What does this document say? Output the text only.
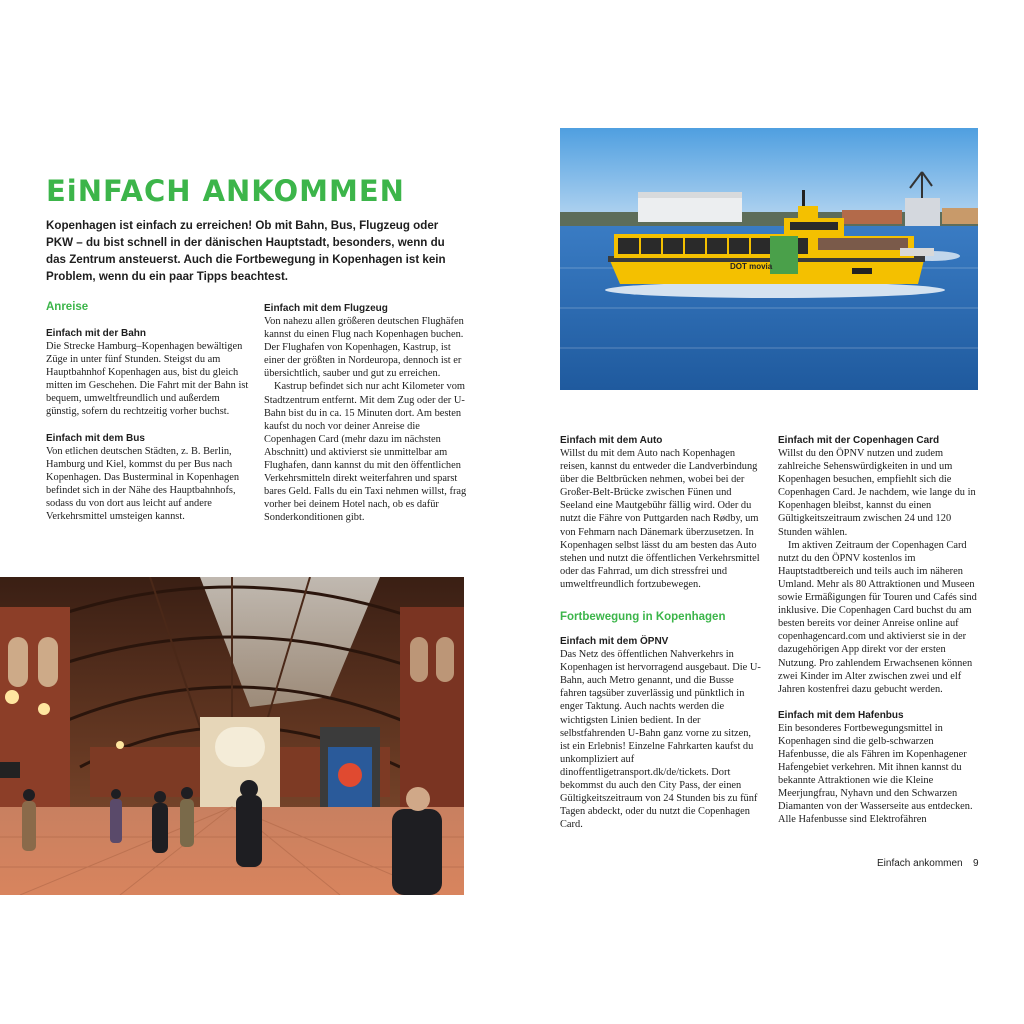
EiNFACH ANKOMMEN

Kopenhagen ist einfach zu erreichen! Ob mit Bahn, Bus, Flugzeug oder PKW – du bist schnell in der dänischen Hauptstadt, besonders, wenn du das Zentrum ansteuerst. Auch die Fortbewegung in Kopenhagen ist kein Problem, wenn du ein paar Tipps beachtest.

Anreise

Einfach mit der Bahn

Die Strecke Hamburg–Kopenhagen bewältigen Züge in unter fünf Stunden. Steigst du am Hauptbahnhof Kopenhagen aus, bist du gleich mitten im Geschehen. Die Fahrt mit der Bahn ist bequem, umweltfreundlich und außerdem günstig, sofern du rechtzeitig vorher buchst.

Einfach mit dem Bus

Von etlichen deutschen Städten, z. B. Berlin, Hamburg und Kiel, kommst du per Bus nach Kopenhagen. Das Busterminal in Kopenhagen befindet sich in der Nähe des Hauptbahnhofs, sodass du von dort aus leicht auf andere Verkehrsmittel umsteigen kannst.

Einfach mit dem Flugzeug

Von nahezu allen größeren deutschen Flughäfen kannst du einen Flug nach Kopenhagen buchen. Der Flughafen von Kopenhagen, Kastrup, ist einer der größten in Nordeuropa, dennoch ist er übersichtlich, sauber und gut zu erreichen.

Kastrup befindet sich nur acht Kilometer vom Stadtzentrum entfernt. Mit dem Zug oder der U-Bahn bist du in ca. 15 Minuten dort. Am besten kaufst du noch vor deiner Anreise die Copenhagen Card (mehr dazu im nächsten Abschnitt) und aktivierst sie unmittelbar am Flughafen, dann kannst du mit den öffentlichen Verkehrsmitteln direkt weiterfahren und sparst bares Geld. Falls du ein Taxi nehmen willst, frag vorher bei deinem Hotel nach, ob es dafür Sonderkonditionen gibt.

DOT movia

Einfach mit dem Auto

Willst du mit dem Auto nach Kopenhagen reisen, kannst du entweder die Landverbindung über die Beltbrücken nehmen, wobei bei der Großer-Belt-Brücke zwischen Fünen und Seeland eine Mautgebühr fällig wird. Oder du nutzt die Fähre von Puttgarden nach Rødby, um von Fehmarn nach Dänemark überzusetzen. In Kopenhagen selbst lässt du am besten das Auto stehen und nutzt die öffentlichen Verkehrsmittel oder das Fahrrad, um dich stressfrei und umweltfreundlich fortzubewegen.

Fortbewegung in Kopenhagen

Einfach mit dem ÖPNV

Das Netz des öffentlichen Nahverkehrs in Kopenhagen ist hervorragend ausgebaut. Die U-Bahn, auch Metro genannt, und die Busse fahren tagsüber zuverlässig und pünktlich in enger Taktung. Auch nachts werden die wichtigsten Linien bedient. In der selbstfahrenden U-Bahn ganz vorne zu sitzen, ist ein Erlebnis! Einzelne Fahrkarten kaufst du unkompliziert auf dinoffentligetransport.dk/de/tickets. Dort bekommst du auch den City Pass, der einen Gültigkeitszeitraum von 24 Stunden bis zu fünf Tagen abdeckt, oder du nutzt die Copenhagen Card.

Einfach mit der Copenhagen Card

Willst du den ÖPNV nutzen und zudem zahlreiche Sehenswürdigkeiten in und um Kopenhagen besuchen, empfiehlt sich die Copenhagen Card. Je nachdem, wie lange du in Kopenhagen bleibst, kannst du einen Gültigkeitszeitraum zwischen 24 und 120 Stunden wählen.

Im aktiven Zeitraum der Copenhagen Card nutzt du den ÖPNV kostenlos im Hauptstadtbereich und teils auch im näheren Umland. Mehr als 80 Attraktionen und Museen sowie Ermäßigungen für Touren und Cafés sind inklusive. Die Copenhagen Card buchst du am besten bereits vor deiner Anreise online auf copenhagencard.com und aktivierst sie in der dazugehörigen App direkt vor der ersten Nutzung. Pro zahlendem Erwachsenen können zwei Kinder im Alter zwischen zwei und elf Jahren kostenfrei dazu gebucht werden.

Einfach mit dem Hafenbus

Ein besonderes Fortbewegungsmittel in Kopenhagen sind die gelb-schwarzen Hafenbusse, die als Fähren im Kopenhagener Hafengebiet verkehren. Mit ihnen kannst du bekannte Attraktionen wie die Kleine Meerjungfrau, Nyhavn und den Schwarzen Diamanten von der Wasserseite aus entdecken. Alle Hafenbusse sind Elektrofähren

Einfach ankommen 9
